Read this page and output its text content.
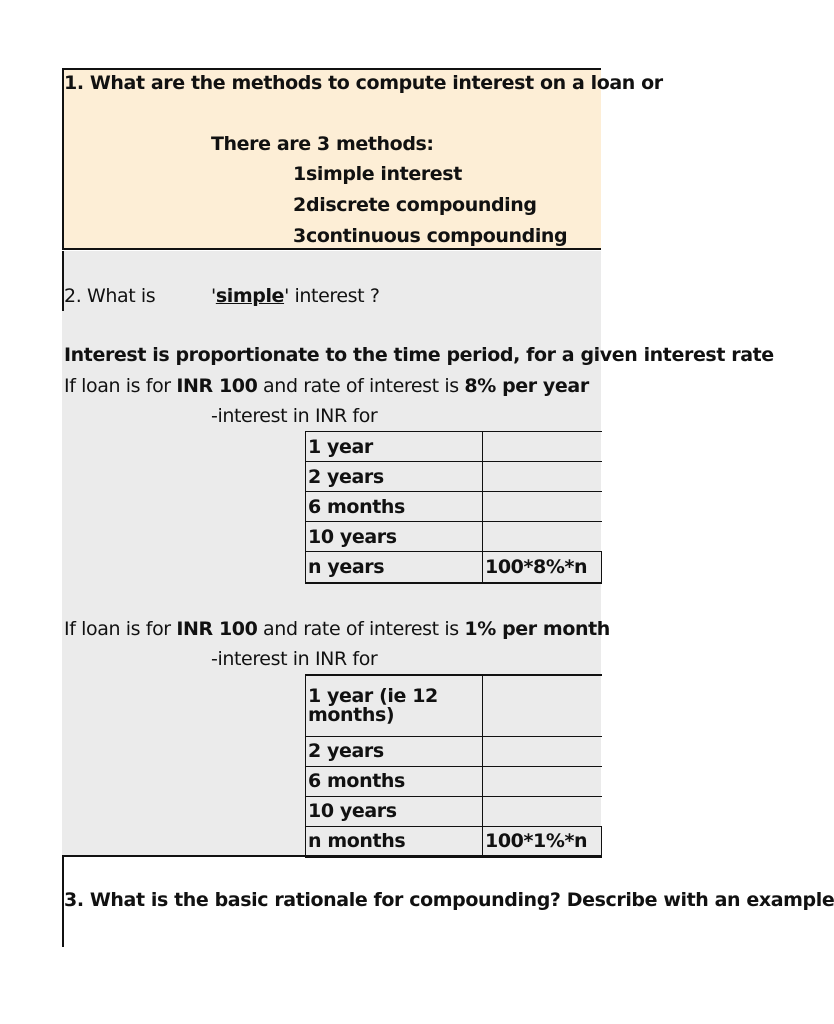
1. What are the methods to compute interest on a loan or
There are 3 methods:
1 simple interest
2 discrete compounding
3 continuous compounding
2. What is	'simple' interest ?
Interest is proportionate to the time period, for a given interest rate
If loan is for INR 100 and rate of interest is 8% per year
-interest in INR for
1 year	
2 years	
6 months	
10 years	
n years	100*8%*n
If loan is for INR 100 and rate of interest is 1% per month
-interest in INR for
1 year (ie 12 months)	
2 years	
6 months	
10 years	
n months	100*1%*n
3. What is the basic rationale for compounding? Describe with an example
